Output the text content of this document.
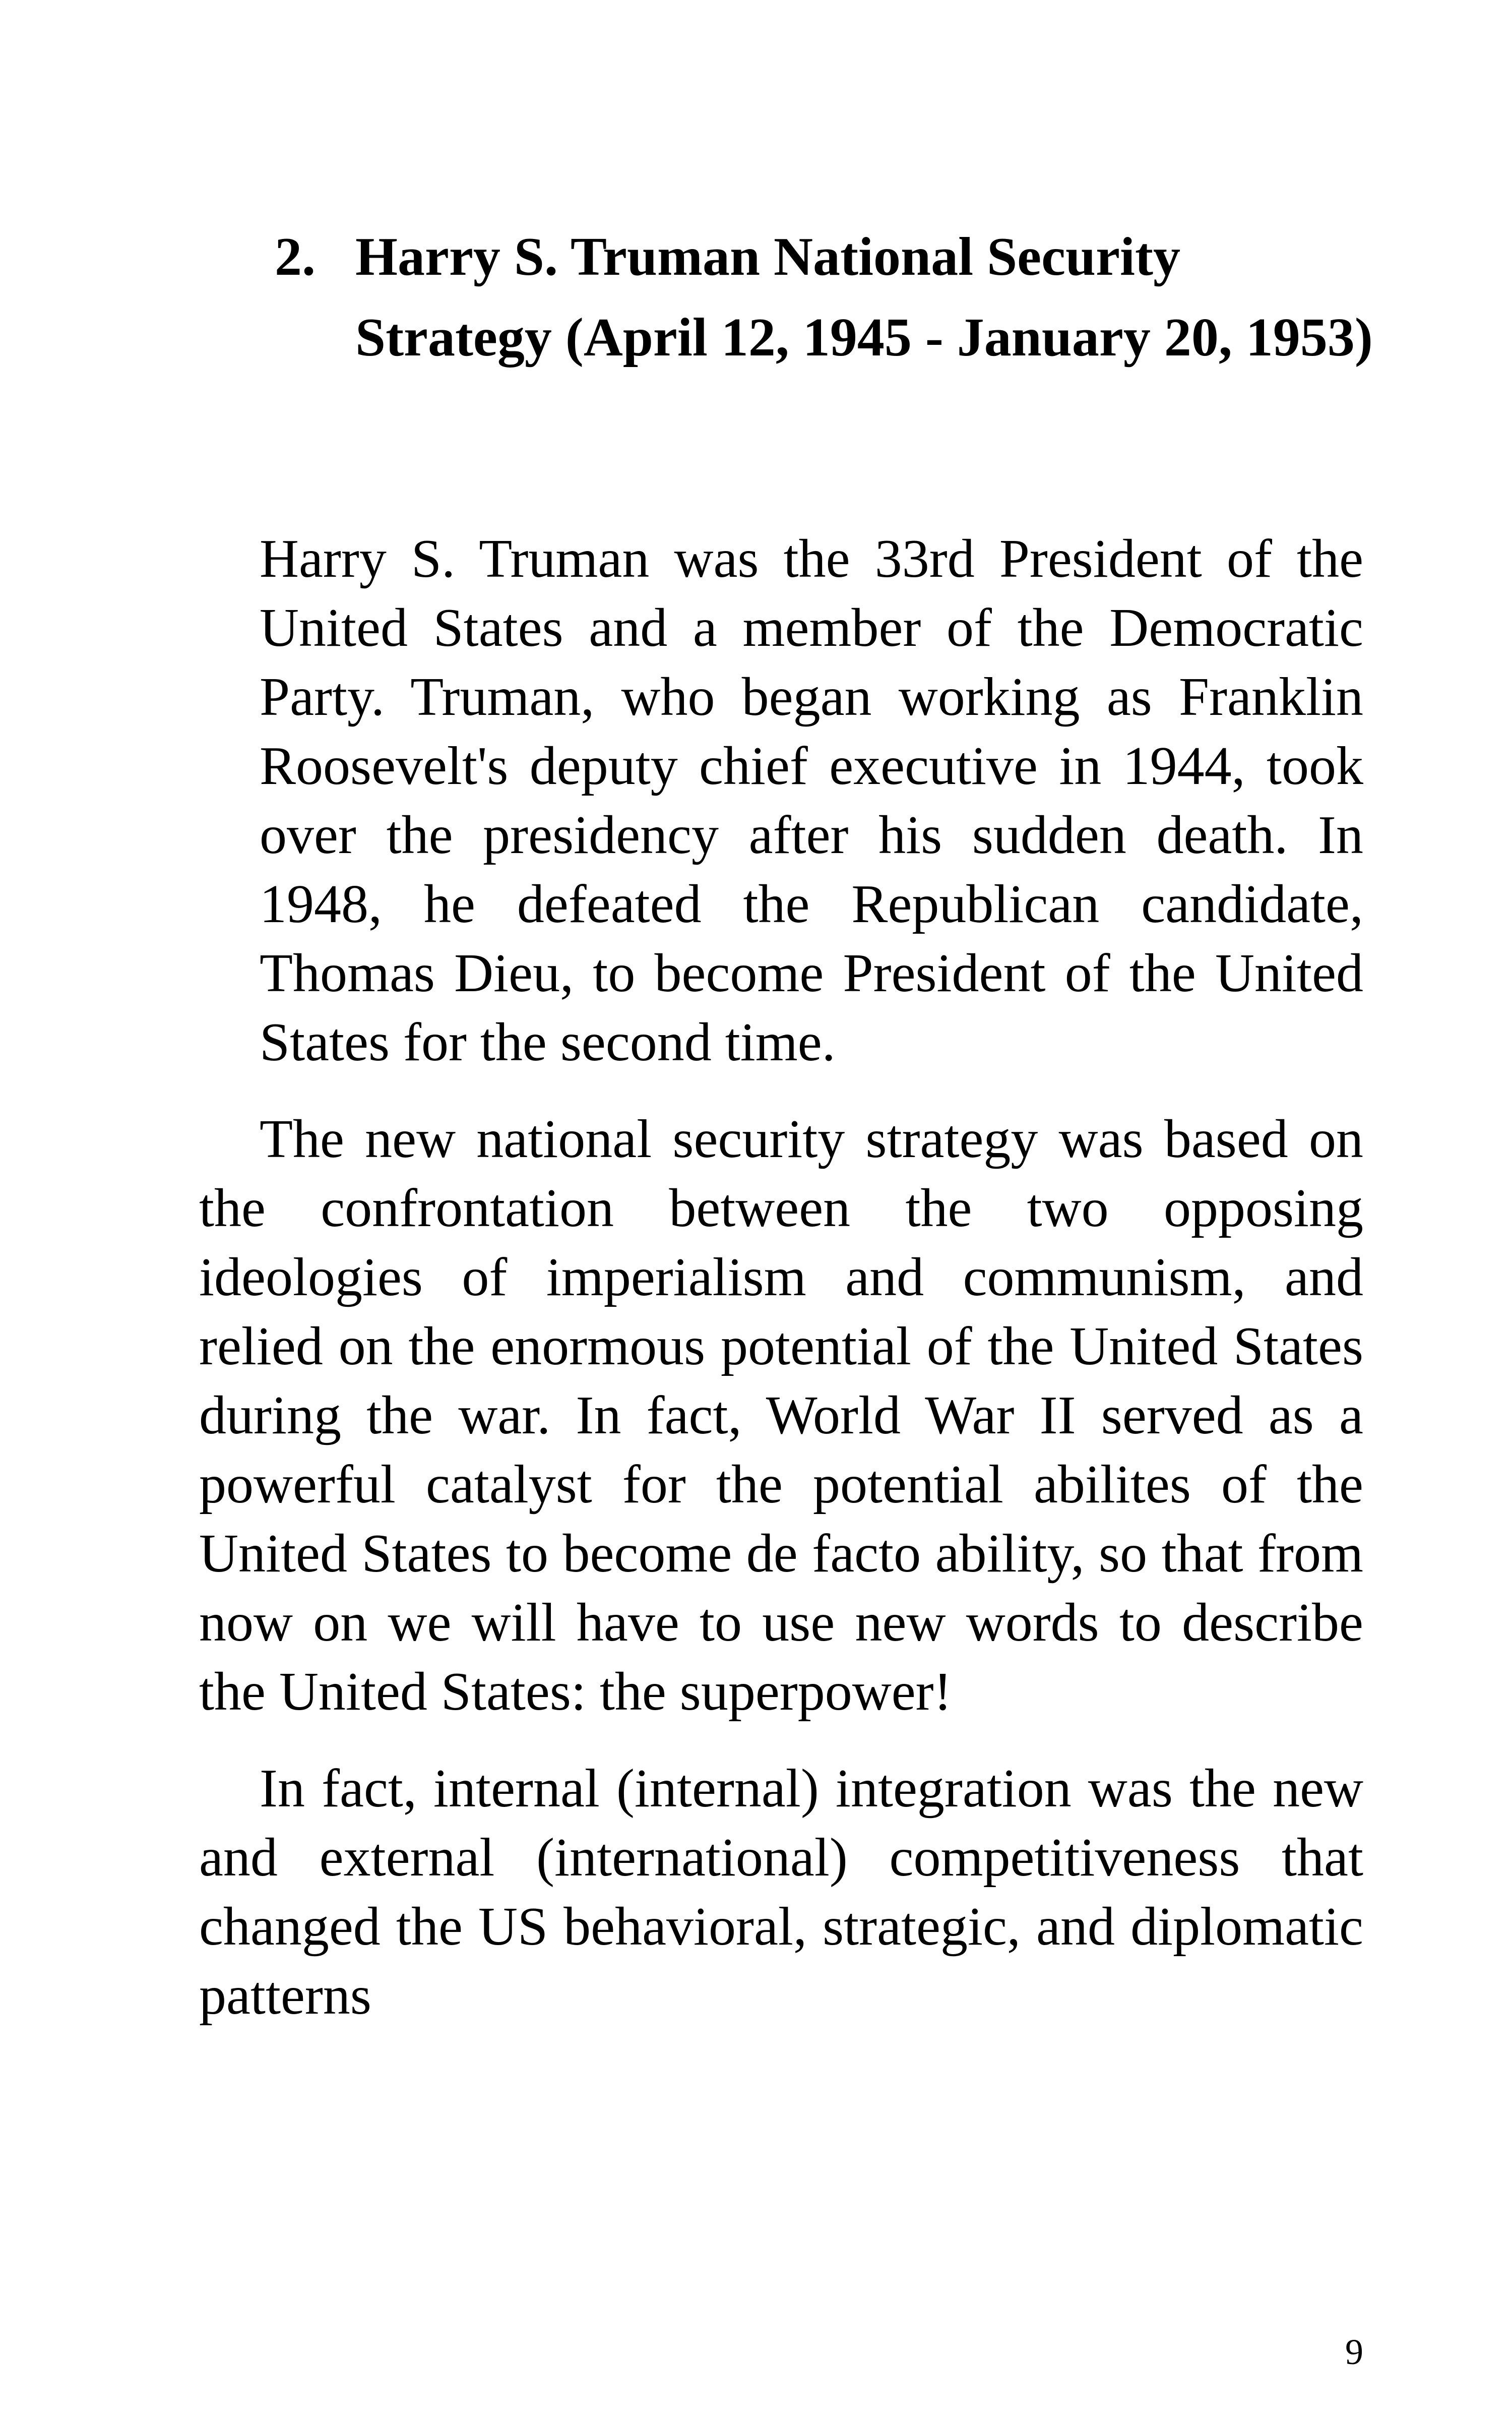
2. Harry S. Truman National Security Strategy (April 12, 1945 - January 20, 1953)

Harry S. Truman was the 33rd President of the United States and a member of the Democratic Party. Truman, who began working as Franklin Roosevelt's deputy chief executive in 1944, took over the presidency after his sudden death. In 1948, he defeated the Republican candidate, Thomas Dieu, to become President of the United States for the second time.

The new national security strategy was based on the confrontation between the two opposing ideologies of imperialism and communism, and relied on the enormous potential of the United States during the war. In fact, World War II served as a powerful catalyst for the potential abilites of the United States to become de facto ability, so that from now on we will have to use new words to describe the United States: the superpower!

In fact, internal (internal) integration was the new and external (international) competitiveness that changed the US behavioral, strategic, and diplomatic patterns

9
